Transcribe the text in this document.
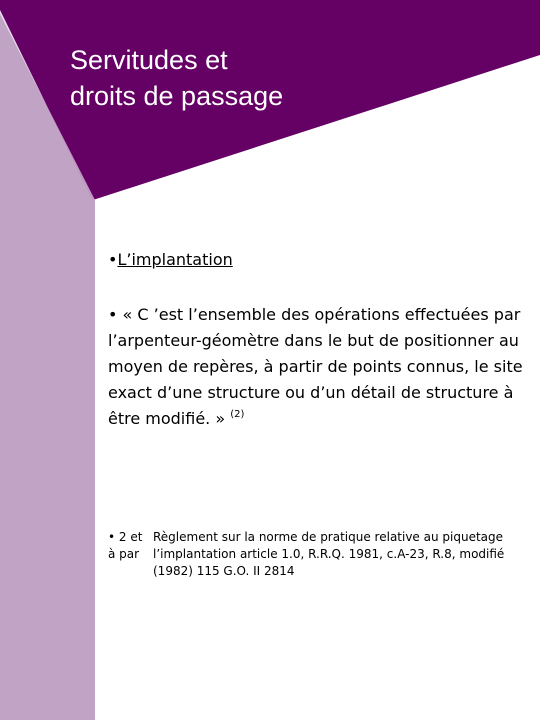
Servitudes et
droits de passage
•L’implantation
• « C ’est l’ensemble des opérations effectuées par l’arpenteur-géomètre dans le but de positionner au moyen de repères, à partir de points connus, le site exact d’une structure ou d’un détail de structure à être modifié. » $^{(2)}$
• 2 et à par
Règlement sur la norme de pratique relative au piquetage l’implantation article 1.0, R.R.Q. 1981, c.A-23, R.8, modifié (1982) 115 G.O. II 2814
